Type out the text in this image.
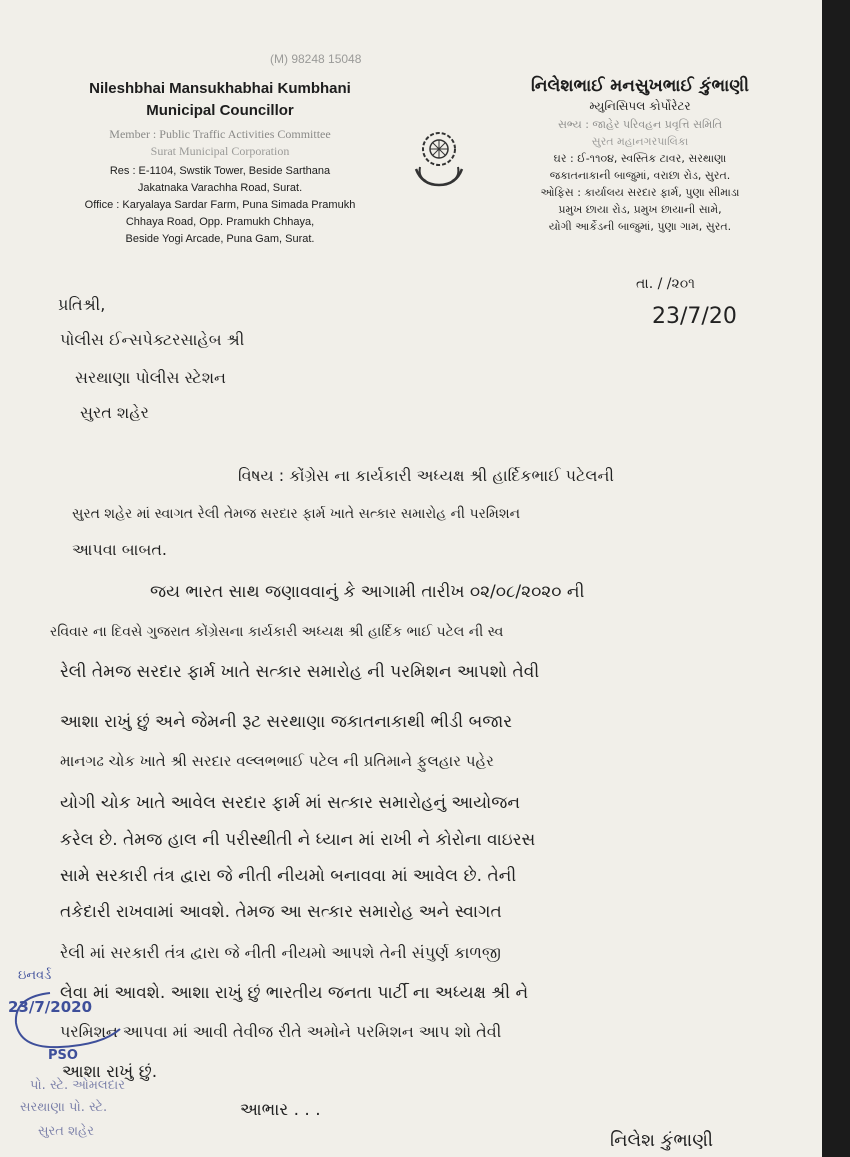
(M) 98248 15048
Nileshbhai Mansukhabhai Kumbhani
Municipal Councillor
Member : Public Traffic Activities Committee
Surat Municipal Corporation
Res : E-1104, Swstik Tower, Beside Sarthana
Jakatnaka Varachha Road, Surat.
Office : Karyalaya Sardar Farm, Puna Simada Pramukh
Chhaya Road, Opp. Pramukh Chhaya,
Beside Yogi Arcade, Puna Gam, Surat.
નિલેશભાઈ મનસુખભાઈ કુંભાણી
મ્યુનિસિપલ કોર્પોરેટર
સભ્ય : જાહેર પરિવહન પ્રવૃત્તિ સમિતિ
સુરત મહાનગરપાલિકા
ઘર : ઈ-૧૧૦૪, સ્વસ્તિક ટાવર, સરથાણા
જકાતનાકાની બાજુમાં, વરાછા રોડ, સુરત.
ઓફિસ : કાર્યાલય સરદાર ફાર્મ, પુણા સીમાડા
પ્રમુખ છાયા રોડ, પ્રમુખ છાયાની સામે,
યોગી આર્કેડની બાજુમાં, પુણા ગામ, સુરત.
તા. / /૨૦૧
23/7/20
પ્રતિશ્રી,
પોલીસ ઈન્સપેક્ટરસાહેબ શ્રી
સરથાણા પોલીસ સ્ટેશન
સુરત શહેર
વિષય : કોંગ્રેસ ના કાર્યકારી અધ્યક્ષ શ્રી હાર્દિકભાઈ પટેલની
સુરત શહેર માં સ્વાગત રેલી તેમજ સરદાર ફાર્મ ખાતે સત્કાર સમારોહ ની પરમિશન
આપવા બાબત.
જય ભારત સાથ જણાવવાનું કે આગામી તારીખ ૦૨/૦૮/૨૦૨૦ ની
રવિવાર ના દિવસે ગુજરાત કોંગ્રેસના કાર્યકારી અધ્યક્ષ શ્રી હાર્દિક ભાઈ પટેલ ની સ્વ
રેલી તેમજ સરદાર ફાર્મ ખાતે સત્કાર સમારોહ ની પરમિશન આપશો તેવી
આશા રાખું છું અને જેમની રૂટ સરથાણા જકાતનાકાથી ભીડી બજાર
માનગઢ ચોક ખાતે શ્રી સરદાર વલ્લભભાઈ પટેલ ની પ્રતિમાને ફુલહાર પહેર
યોગી ચોક ખાતે આવેલ સરદાર ફાર્મ માં સત્કાર સમારોહનું આયોજન
કરેલ છે. તેમજ હાલ ની પરીસ્થીતી ને ધ્યાન માં રાખી ને કોરોના વાઇરસ
સામે સરકારી તંત્ર દ્વારા જે નીતી નીયમો બનાવવા માં આવેલ છે. તેની
તકેદારી રાખવામાં આવશે. તેમજ આ સત્કાર સમારોહ અને સ્વાગત
રેલી માં સરકારી તંત્ર દ્વારા જે નીતી નીયમો આપશે તેની સંપુર્ણ કાળજી
લેવા માં આવશે. આશા રાખું છું ભારતીય જનતા પાર્ટી ના અધ્યક્ષ શ્રી ને
પરમિશન આપવા માં આવી તેવીજ રીતે અમોને પરમિશન આપ શો તેવી
આશા રાખું છું.
આભાર . . .
નિલેશ કુંભાણી
ઇનવર્ડ
23/7/2020
PSO
પો. સ્ટે. ઓમલદાર
સરથાણા પો. સ્ટે.
સુરત શહેર
